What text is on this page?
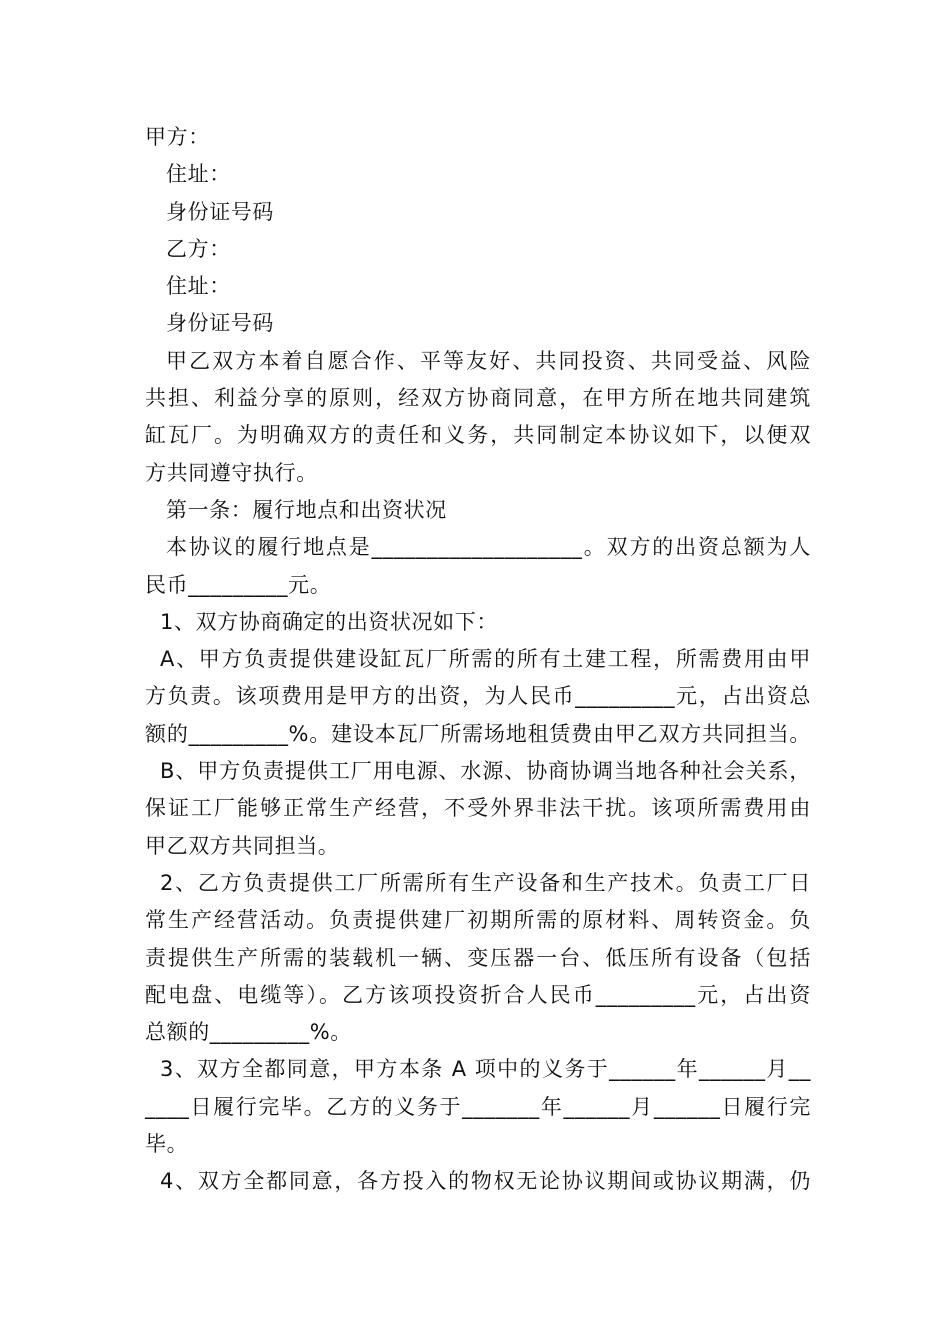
甲方：
住址：
身份证号码
乙方：
住址：
身份证号码
甲乙双方本着自愿合作、平等友好、共同投资、共同受益、风险
共担、利益分享的原则，经双方协商同意，在甲方所在地共同建筑
缸瓦厂。为明确双方的责任和义务，共同制定本协议如下，以便双
方共同遵守执行。
第一条：履行地点和出资状况
本协议的履行地点是___________________。双方的出资总额为人
民币_________元。
1、双方协商确定的出资状况如下：
A、甲方负责提供建设缸瓦厂所需的所有土建工程，所需费用由甲
方负责。该项费用是甲方的出资，为人民币_________元，占出资总
额的_________%。建设本瓦厂所需场地租赁费由甲乙双方共同担当。
B、甲方负责提供工厂用电源、水源、协商协调当地各种社会关系，
保证工厂能够正常生产经营，不受外界非法干扰。该项所需费用由
甲乙双方共同担当。
2、乙方负责提供工厂所需所有生产设备和生产技术。负责工厂日
常生产经营活动。负责提供建厂初期所需的原材料、周转资金。负
责提供生产所需的装载机一辆、变压器一台、低压所有设备（包括
配电盘、电缆等）。乙方该项投资折合人民币_________元，占出资
总额的_________%。
3、双方全都同意，甲方本条 A 项中的义务于______年______月__
____日履行完毕。乙方的义务于_______年______月______日履行完
毕。
4、双方全都同意，各方投入的物权无论协议期间或协议期满，仍
